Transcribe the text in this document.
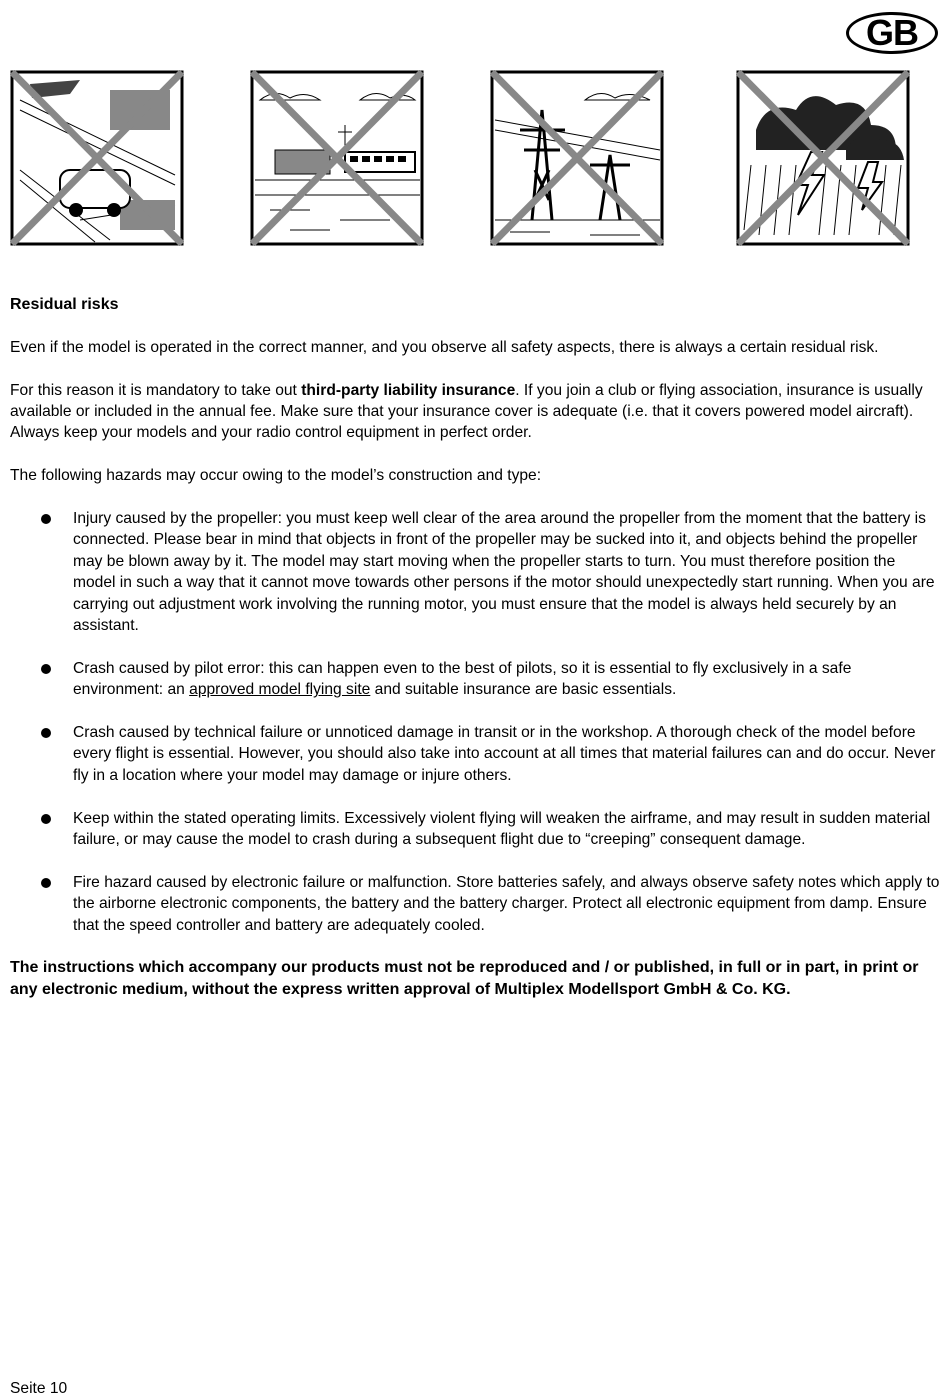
GB

Residual risks

Even if the model is operated in the correct manner, and you observe all safety aspects, there is always a certain residual risk.

For this reason it is mandatory to take out third-party liability insurance. If you join a club or flying association, insurance is usually available or included in the annual fee. Make sure that your insurance cover is adequate (i.e. that it covers powered model aircraft). Always keep your models and your radio control equipment in perfect order.

The following hazards may occur owing to the model’s construction and type:

Injury caused by the propeller: you must keep well clear of the area around the propeller from the moment that the battery is connected. Please bear in mind that objects in front of the propeller may be sucked into it, and objects behind the propeller may be blown away by it. The model may start moving when the propeller starts to turn. You must therefore position the model in such a way that it cannot move towards other persons if the motor should unexpectedly start running. When you are carrying out adjustment work involving the running motor, you must ensure that the model is always held securely by an assistant.
Crash caused by pilot error: this can happen even to the best of pilots, so it is essential to fly exclusively in a safe environment: an approved model flying site and suitable insurance are basic essentials.
Crash caused by technical failure or unnoticed damage in transit or in the workshop. A thorough check of the model before every flight is essential. However, you should also take into account at all times that material failures can and do occur. Never fly in a location where your model may damage or injure others.
Keep within the stated operating limits. Excessively violent flying will weaken the airframe, and may result in sudden material failure, or may cause the model to crash during a subsequent flight due to “creeping” consequent damage.
Fire hazard caused by electronic failure or malfunction. Store batteries safely, and always observe safety notes which apply to the airborne electronic components, the battery and the battery charger. Protect all electronic equipment from damp. Ensure that the speed controller and battery are adequately cooled.

The instructions which accompany our products must not be reproduced and / or published, in full or in part, in print or any electronic medium, without the express written approval of Multiplex Modellsport GmbH & Co. KG.

Seite 10
